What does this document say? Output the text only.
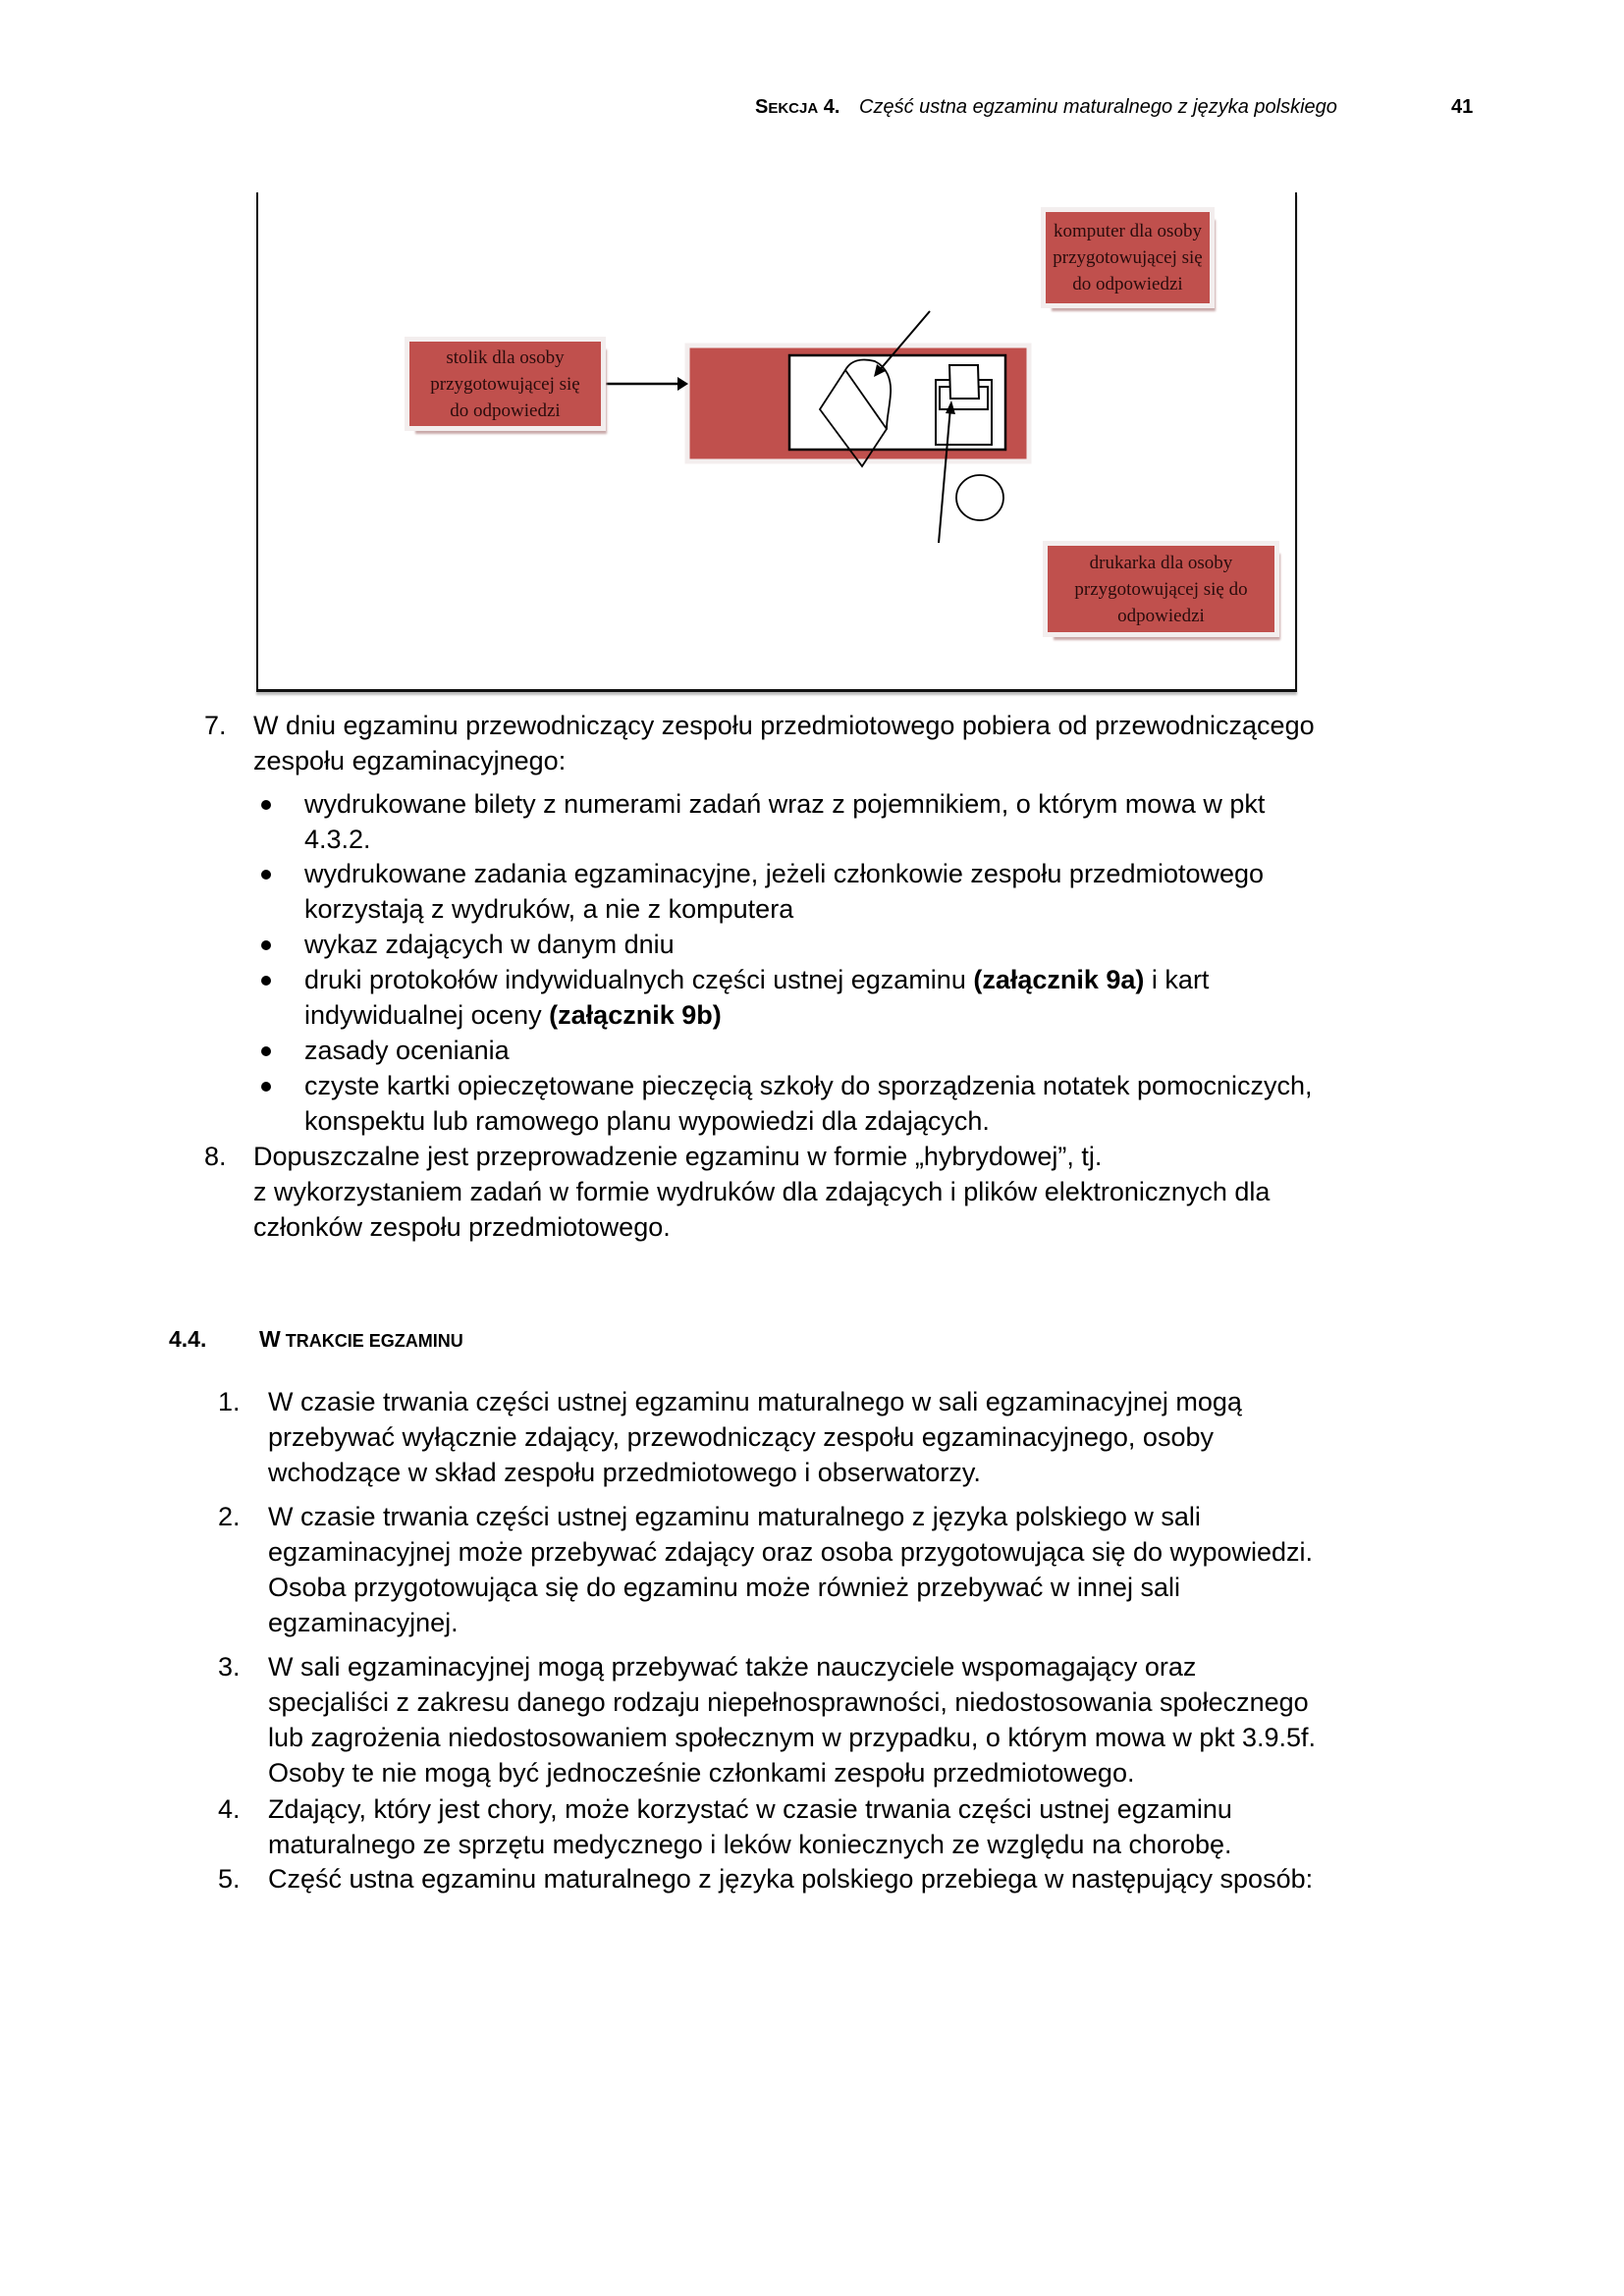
SEKCJA 4. Część ustna egzaminu maturalnego z języka polskiego	41
komputer dla osoby
przygotowującej się
do odpowiedzi
stolik dla osoby
przygotowującej się
do odpowiedzi
drukarka dla osoby
przygotowującej się do
odpowiedzi
7. W dniu egzaminu przewodniczący zespołu przedmiotowego pobiera od przewodniczącego
zespołu egzaminacyjnego:
wydrukowane bilety z numerami zadań wraz z pojemnikiem, o którym mowa w pkt
4.3.2.
wydrukowane zadania egzaminacyjne, jeżeli członkowie zespołu przedmiotowego
korzystają z wydruków, a nie z komputera
wykaz zdających w danym dniu
druki protokołów indywidualnych części ustnej egzaminu (załącznik 9a) i kart
indywidualnej oceny (załącznik 9b)
zasady oceniania
czyste kartki opieczętowane pieczęcią szkoły do sporządzenia notatek pomocniczych,
konspektu lub ramowego planu wypowiedzi dla zdających.
8. Dopuszczalne jest przeprowadzenie egzaminu w formie „hybrydowej”, tj.
z wykorzystaniem zadań w formie wydruków dla zdających i plików elektronicznych dla
członków zespołu przedmiotowego.
4.4. W TRAKCIE EGZAMINU
1. W czasie trwania części ustnej egzaminu maturalnego w sali egzaminacyjnej mogą
przebywać wyłącznie zdający, przewodniczący zespołu egzaminacyjnego, osoby
wchodzące w skład zespołu przedmiotowego i obserwatorzy.
2. W czasie trwania części ustnej egzaminu maturalnego z języka polskiego w sali
egzaminacyjnej może przebywać zdający oraz osoba przygotowująca się do wypowiedzi.
Osoba przygotowująca się do egzaminu może również przebywać w innej sali
egzaminacyjnej.
3. W sali egzaminacyjnej mogą przebywać także nauczyciele wspomagający oraz
specjaliści z zakresu danego rodzaju niepełnosprawności, niedostosowania społecznego
lub zagrożenia niedostosowaniem społecznym w przypadku, o którym mowa w pkt 3.9.5f.
Osoby te nie mogą być jednocześnie członkami zespołu przedmiotowego.
4. Zdający, który jest chory, może korzystać w czasie trwania części ustnej egzaminu
maturalnego ze sprzętu medycznego i leków koniecznych ze względu na chorobę.
5. Część ustna egzaminu maturalnego z języka polskiego przebiega w następujący sposób:
